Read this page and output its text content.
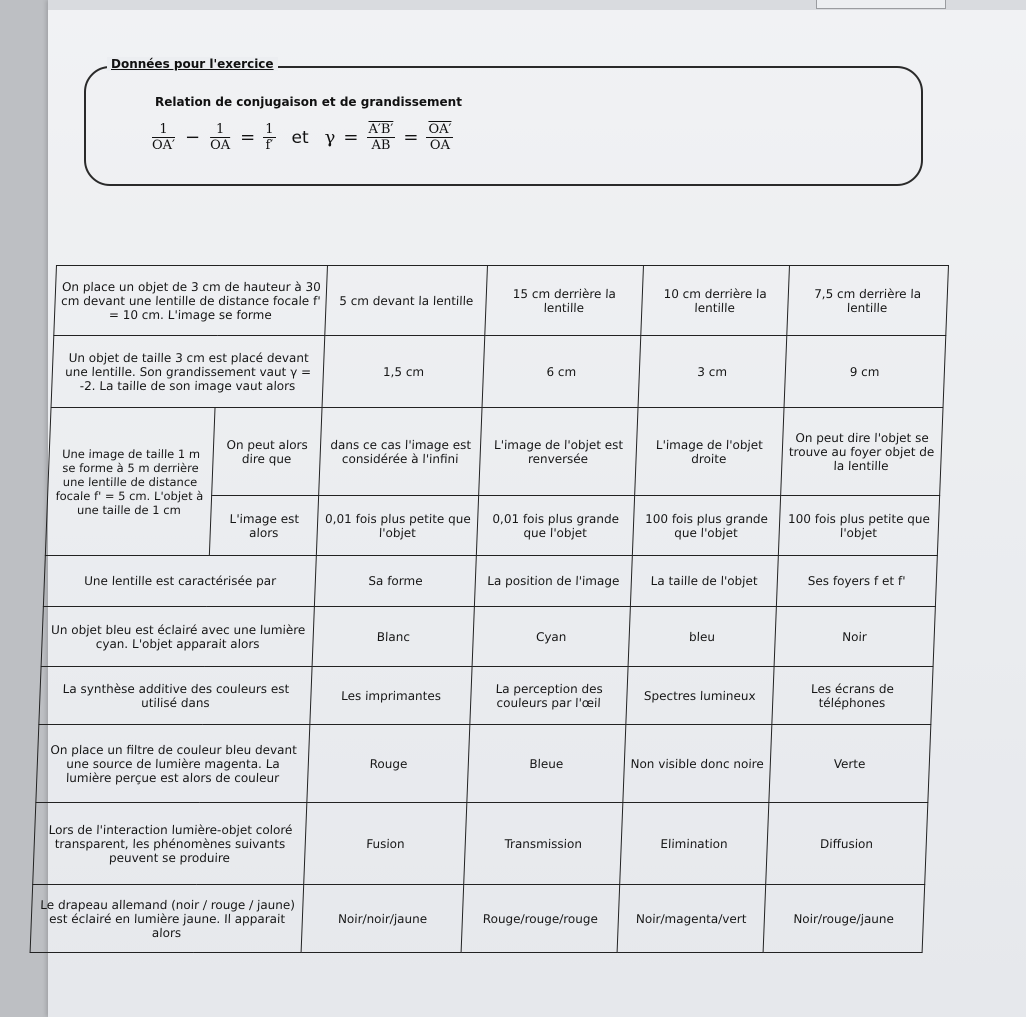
Données pour l'exercice
Relation de conjugaison et de grandissement
$\frac{1}{OA'} - \frac{1}{OA} = \frac{1}{f'}$ et $\gamma = \frac{A'B'}{AB} = \frac{OA'}{OA}$
On place un objet de 3 cm de hauteur à 30 cm devant une lentille de distance focale f' = 10 cm. L'image se forme		5 cm devant la lentille	15 cm derrière la lentille	10 cm derrière la lentille	7,5 cm derrière la lentille
Un objet de taille 3 cm est placé devant une lentille. Son grandissement vaut γ = -2. La taille de son image vaut alors		1,5 cm	6 cm	3 cm	9 cm
Une image de taille 1 m se forme à 5 m derrière une lentille de distance focale f' = 5 cm. L'objet à une taille de 1 cm	On peut alors dire que	dans ce cas l'image est considérée à l'infini	L'image de l'objet est renversée	L'image de l'objet droite	On peut dire l'objet se trouve au foyer objet de la lentille
	L'image est alors	0,01 fois plus petite que l'objet	0,01 fois plus grande que l'objet	100 fois plus grande que l'objet	100 fois plus petite que l'objet
Une lentille est caractérisée par		Sa forme	La position de l'image	La taille de l'objet	Ses foyers f et f'
Un objet bleu est éclairé avec une lumière cyan. L'objet apparait alors		Blanc	Cyan	bleu	Noir
La synthèse additive des couleurs est utilisé dans		Les imprimantes	La perception des couleurs par l'œil	Spectres lumineux	Les écrans de téléphones
On place un filtre de couleur bleu devant une source de lumière magenta. La lumière perçue est alors de couleur		Rouge	Bleue	Non visible donc noire	Verte
Lors de l'interaction lumière-objet coloré transparent, les phénomènes suivants peuvent se produire		Fusion	Transmission	Elimination	Diffusion
Le drapeau allemand (noir / rouge / jaune) est éclairé en lumière jaune. Il apparait alors		Noir/noir/jaune	Rouge/rouge/rouge	Noir/magenta/vert	Noir/rouge/jaune
